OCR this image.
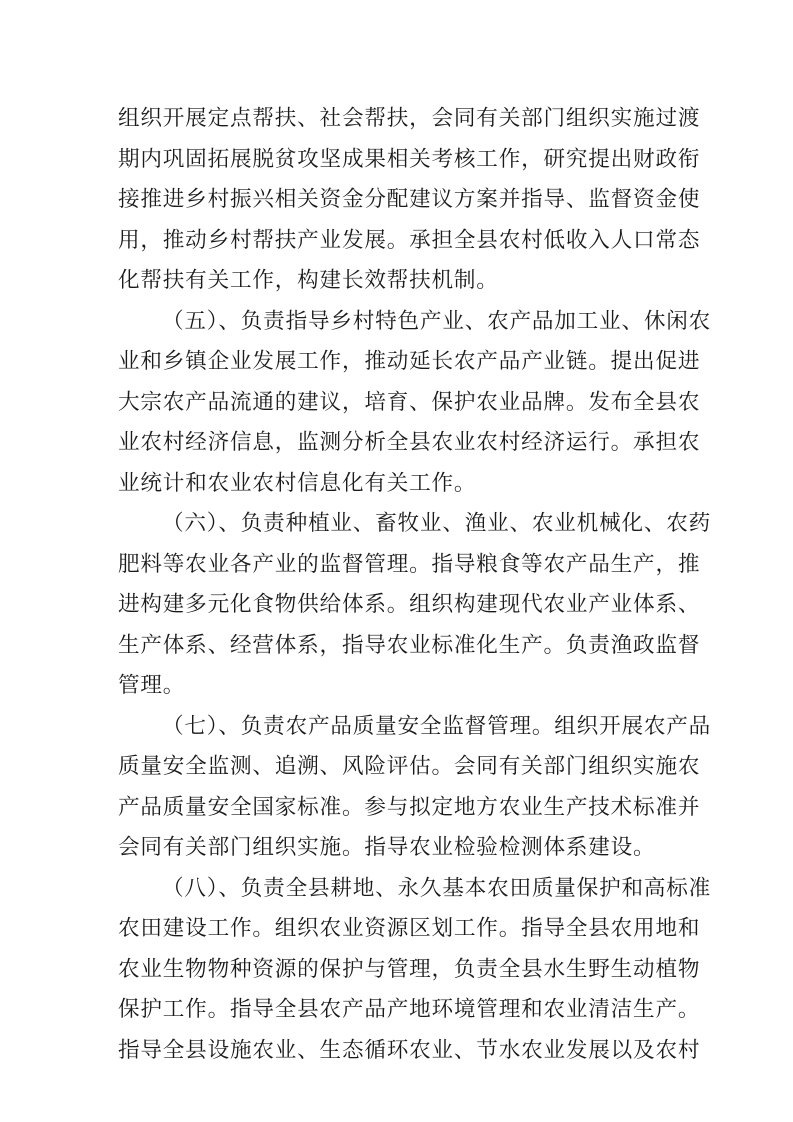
组织开展定点帮扶、社会帮扶，会同有关部门组织实施过渡
期内巩固拓展脱贫攻坚成果相关考核工作，研究提出财政衔
接推进乡村振兴相关资金分配建议方案并指导、监督资金使
用，推动乡村帮扶产业发展。承担全县农村低收入人口常态
化帮扶有关工作，构建长效帮扶机制。
（五）、负责指导乡村特色产业、农产品加工业、休闲农
业和乡镇企业发展工作，推动延长农产品产业链。提出促进
大宗农产品流通的建议，培育、保护农业品牌。发布全县农
业农村经济信息，监测分析全县农业农村经济运行。承担农
业统计和农业农村信息化有关工作。
（六）、负责种植业、畜牧业、渔业、农业机械化、农药
肥料等农业各产业的监督管理。指导粮食等农产品生产，推
进构建多元化食物供给体系。组织构建现代农业产业体系、
生产体系、经营体系，指导农业标准化生产。负责渔政监督
管理。
（七）、负责农产品质量安全监督管理。组织开展农产品
质量安全监测、追溯、风险评估。会同有关部门组织实施农
产品质量安全国家标准。参与拟定地方农业生产技术标准并
会同有关部门组织实施。指导农业检验检测体系建设。
（八）、负责全县耕地、永久基本农田质量保护和高标准
农田建设工作。组织农业资源区划工作。指导全县农用地和
农业生物物种资源的保护与管理，负责全县水生野生动植物
保护工作。指导全县农产品产地环境管理和农业清洁生产。
指导全县设施农业、生态循环农业、节水农业发展以及农村
